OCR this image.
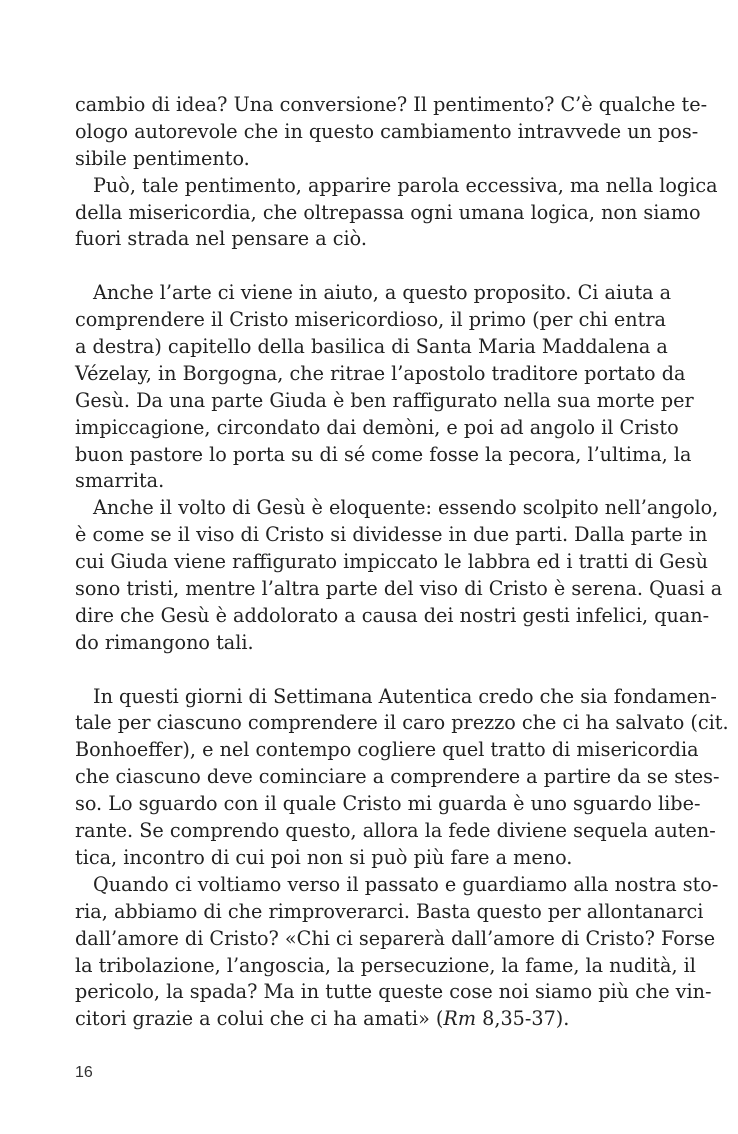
cambio di idea? Una conversione? Il pentimento? C’è qualche te-
ologo autorevole che in questo cambiamento intravvede un pos-
sibile pentimento.
Può, tale pentimento, apparire parola eccessiva, ma nella logica
della misericordia, che oltrepassa ogni umana logica, non siamo
fuori strada nel pensare a ciò.
Anche l’arte ci viene in aiuto, a questo proposito. Ci aiuta a
comprendere il Cristo misericordioso, il primo (per chi entra
a destra) capitello della basilica di Santa Maria Maddalena a
Vézelay, in Borgogna, che ritrae l’apostolo traditore portato da
Gesù. Da una parte Giuda è ben raffigurato nella sua morte per
impiccagione, circondato dai demòni, e poi ad angolo il Cristo
buon pastore lo porta su di sé come fosse la pecora, l’ultima, la
smarrita.
Anche il volto di Gesù è eloquente: essendo scolpito nell’angolo,
è come se il viso di Cristo si dividesse in due parti. Dalla parte in
cui Giuda viene raffigurato impiccato le labbra ed i tratti di Gesù
sono tristi, mentre l’altra parte del viso di Cristo è serena. Quasi a
dire che Gesù è addolorato a causa dei nostri gesti infelici, quan-
do rimangono tali.
In questi giorni di Settimana Autentica credo che sia fondamen-
tale per ciascuno comprendere il caro prezzo che ci ha salvato (cit.
Bonhoeffer), e nel contempo cogliere quel tratto di misericordia
che ciascuno deve cominciare a comprendere a partire da se stes-
so. Lo sguardo con il quale Cristo mi guarda è uno sguardo libe-
rante. Se comprendo questo, allora la fede diviene sequela auten-
tica, incontro di cui poi non si può più fare a meno.
Quando ci voltiamo verso il passato e guardiamo alla nostra sto-
ria, abbiamo di che rimproverarci. Basta questo per allontanarci
dall’amore di Cristo? «Chi ci separerà dall’amore di Cristo? Forse
la tribolazione, l’angoscia, la persecuzione, la fame, la nudità, il
pericolo, la spada? Ma in tutte queste cose noi siamo più che vin-
citori grazie a colui che ci ha amati» (Rm 8,35-37).
16
